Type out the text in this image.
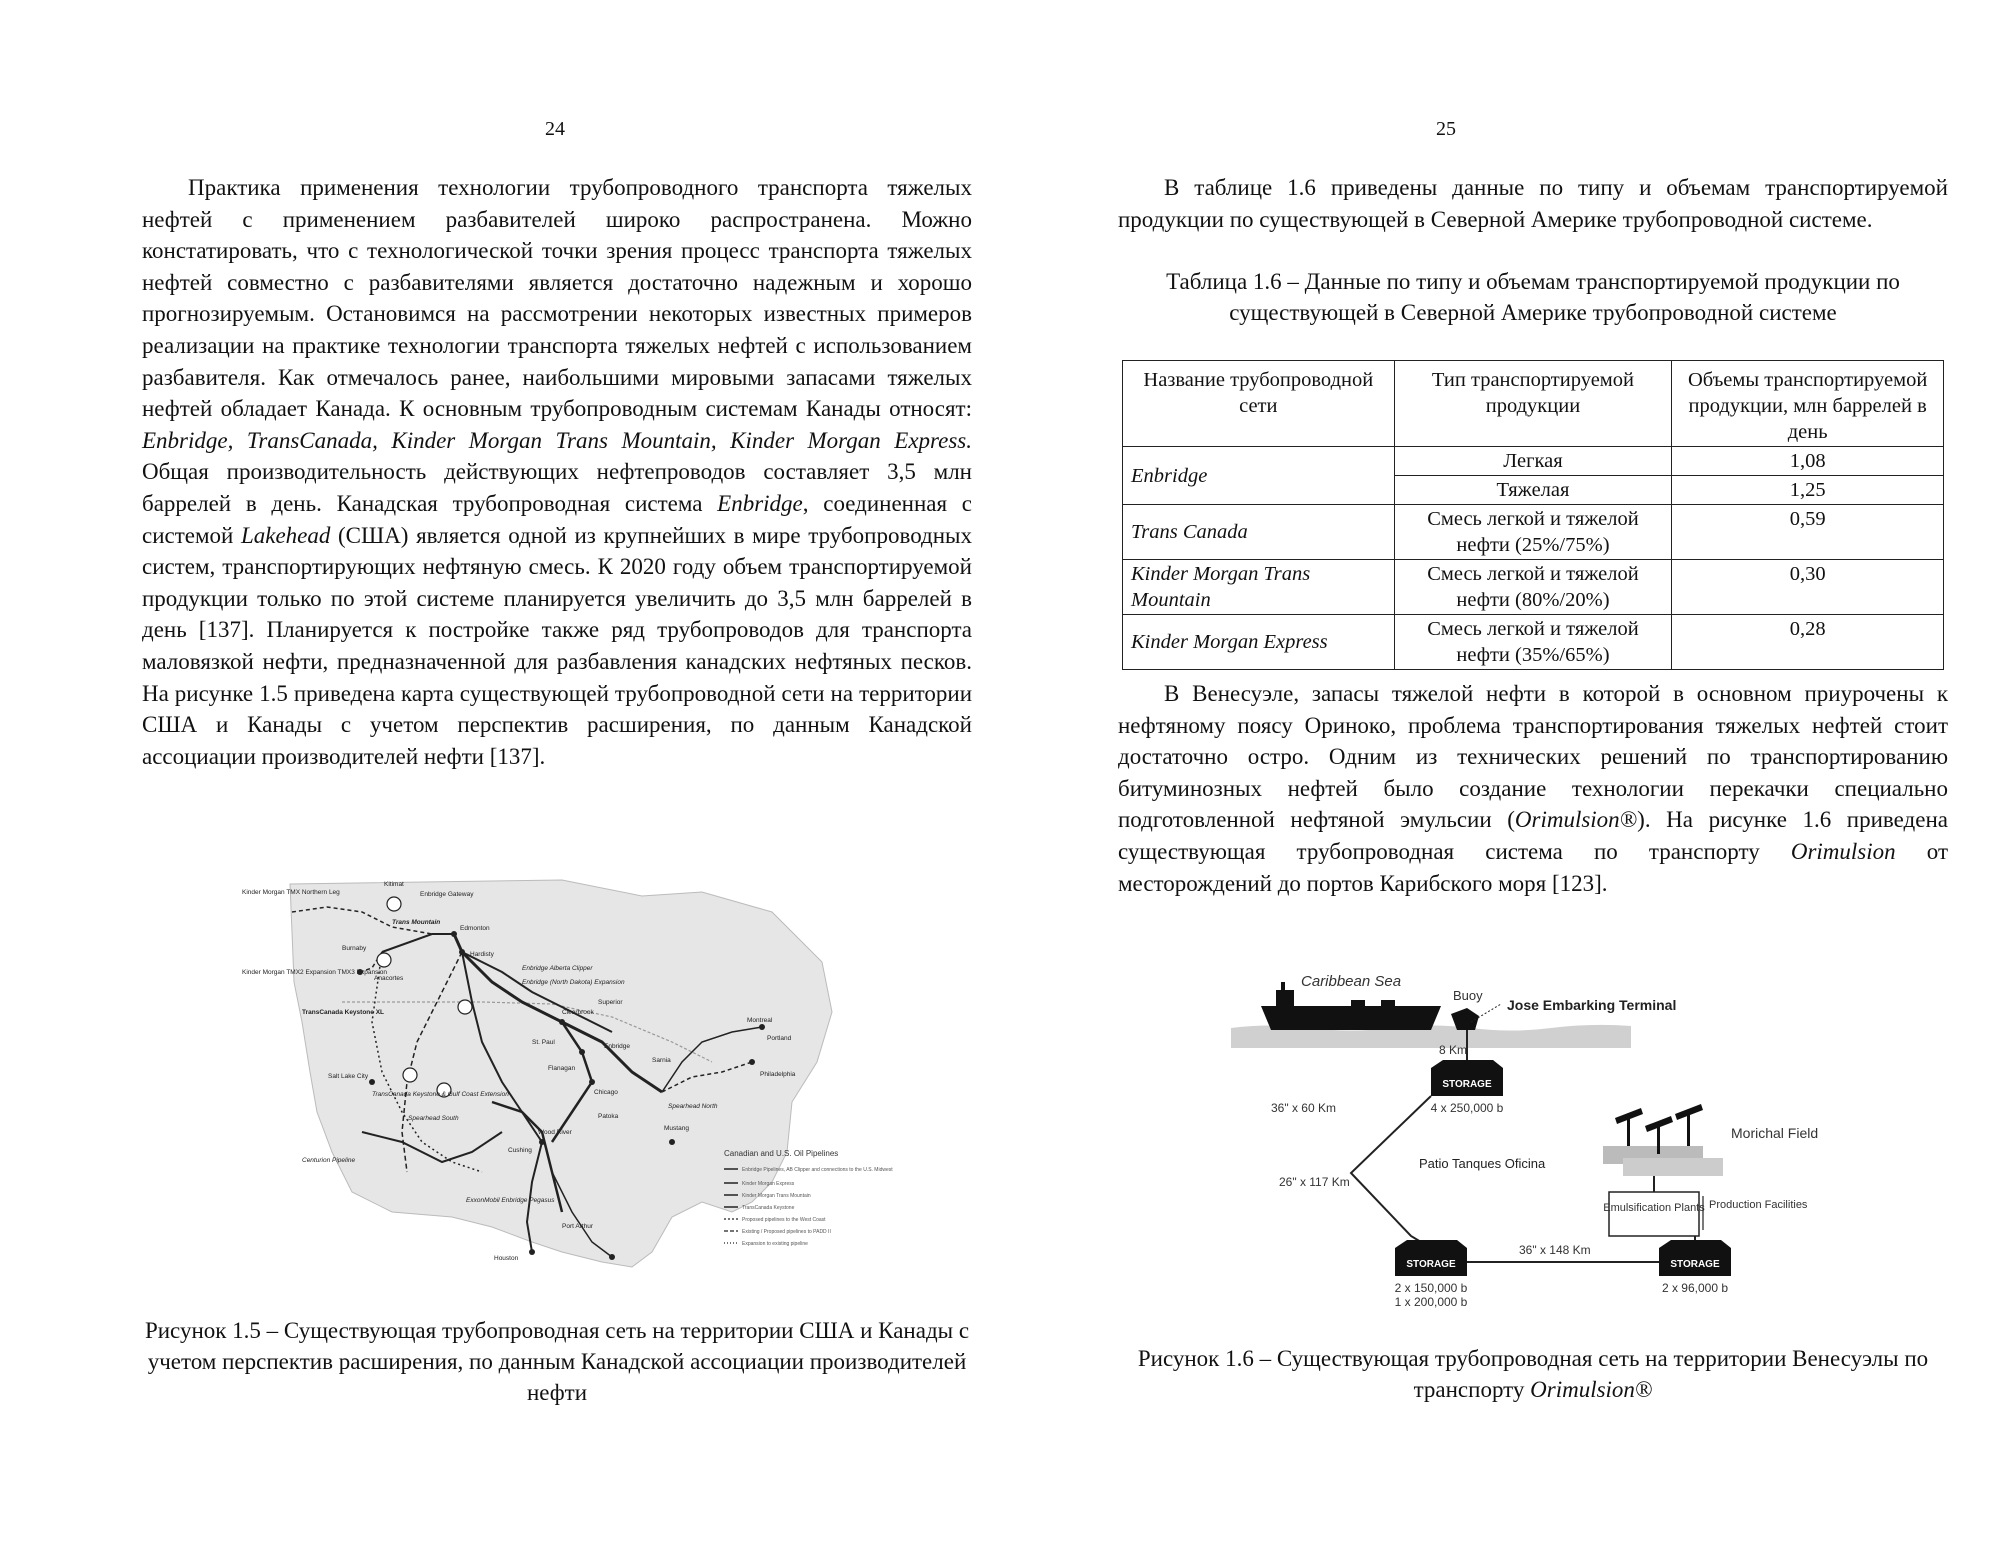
24

Практика применения технологии трубопроводного транспорта тяжелых нефтей с применением разбавителей широко распространена. Можно констатировать, что с технологической точки зрения процесс транспорта тяжелых нефтей совместно с разбавителями является достаточно надежным и хорошо прогнозируемым. Остановимся на рассмотрении некоторых известных примеров реализации на практике технологии транспорта тяжелых нефтей с использованием разбавителя. Как отмечалось ранее, наибольшими мировыми запасами тяжелых нефтей обладает Канада. К основным трубопроводным системам Канады относят: Enbridge, TransCanada, Kinder Morgan Trans Mountain, Kinder Morgan Express. Общая производительность действующих нефтепроводов составляет 3,5 млн баррелей в день. Канадская трубопроводная система Enbridge, соединенная с системой Lakehead (США) является одной из крупнейших в мире трубопроводных систем, транспортирующих нефтяную смесь. К 2020 году объем транспортируемой продукции только по этой системе планируется увеличить до 3,5 млн баррелей в день [137]. Планируется к постройке также ряд трубопроводов для транспорта маловязкой нефти, предназначенной для разбавления канадских нефтяных песков. На рисунке 1.5 приведена карта существующей трубопроводной сети на территории США и Канады с учетом перспектив расширения, по данным Канадской ассоциации производителей нефти [137].

Kinder Morgan TMX Northern Leg
Kitimat
Enbridge Gateway
Trans Mountain
Edmonton
Burnaby
Anacortes
Hardisty
Kinder Morgan TMX2 Expansion TMX3 Expansion
Enbridge Alberta Clipper
Enbridge (North Dakota) Expansion
TransCanada Keystone XL	Clearbrook
Superior
Montreal
Portland
St. Paul
Enbridge
Sarnia
Salt Lake City
Flanagan
Chicago
Philadelphia
TransCanada Keystone & Gulf Coast Extension
Spearhead South
Wood River
Patoka
Spearhead North
Mustang
Centurion Pipeline
Cushing
ExxonMobil Enbridge Pegasus
Port Arthur
Houston
Canadian and U.S. Oil Pipelines
Enbridge Pipelines, AB Clipper and connections to the U.S. Midwest
Kinder Morgan Express
Kinder Morgan Trans Mountain
TransCanada Keystone
Proposed pipelines to the West Coast
Existing / Proposed pipelines to PADD II
Expansion to existing pipeline
Рисунок 1.5 – Существующая трубопроводная сеть на территории США и Канады с учетом перспектив расширения, по данным Канадской ассоциации производителей нефти
25

В таблице 1.6 приведены данные по типу и объемам транспортируемой продукции по существующей в Северной Америке трубопроводной системе.

Таблица 1.6 – Данные по типу и объемам транспортируемой продукции по существующей в Северной Америке трубопроводной системе
Название трубопроводной сети	Тип транспортируемой продукции	Объемы транспортируемой продукции, млн баррелей в день
Enbridge	Легкая	1,08
	Тяжелая	1,25
Trans Canada	Смесь легкой и тяжелой нефти (25%/75%)	0,59
Kinder Morgan Trans Mountain	Смесь легкой и тяжелой нефти (80%/20%)	0,30
Kinder Morgan Express	Смесь легкой и тяжелой нефти (35%/65%)	0,28

В Венесуэле, запасы тяжелой нефти в которой в основном приурочены к нефтяному поясу Ориноко, проблема транспортирования тяжелых нефтей стоит достаточно остро. Одним из технических решений по транспортированию битуминозных нефтей было создание технологии перекачки специально подготовленной нефтяной эмульсии (Orimulsion®). На рисунке 1.6 приведена существующая трубопроводная система по транспорту Orimulsion от месторождений до портов Карибского моря [123].

Caribbean Sea
Buoy
Jose Embarking Terminal
8 Km
STORAGE
4 x 250,000 b
36" x 60 Km
26" x 117 Km
Patio Tanques Oficina
STORAGE
2 x 150,000 b
1 x 200,000 b
36" x 148 Km
STORAGE
2 x 96,000 b
Emulsification Plants Production Facilities
Morichal Field
Рисунок 1.6 – Существующая трубопроводная сеть на территории Венесуэлы по транспорту Orimulsion®
